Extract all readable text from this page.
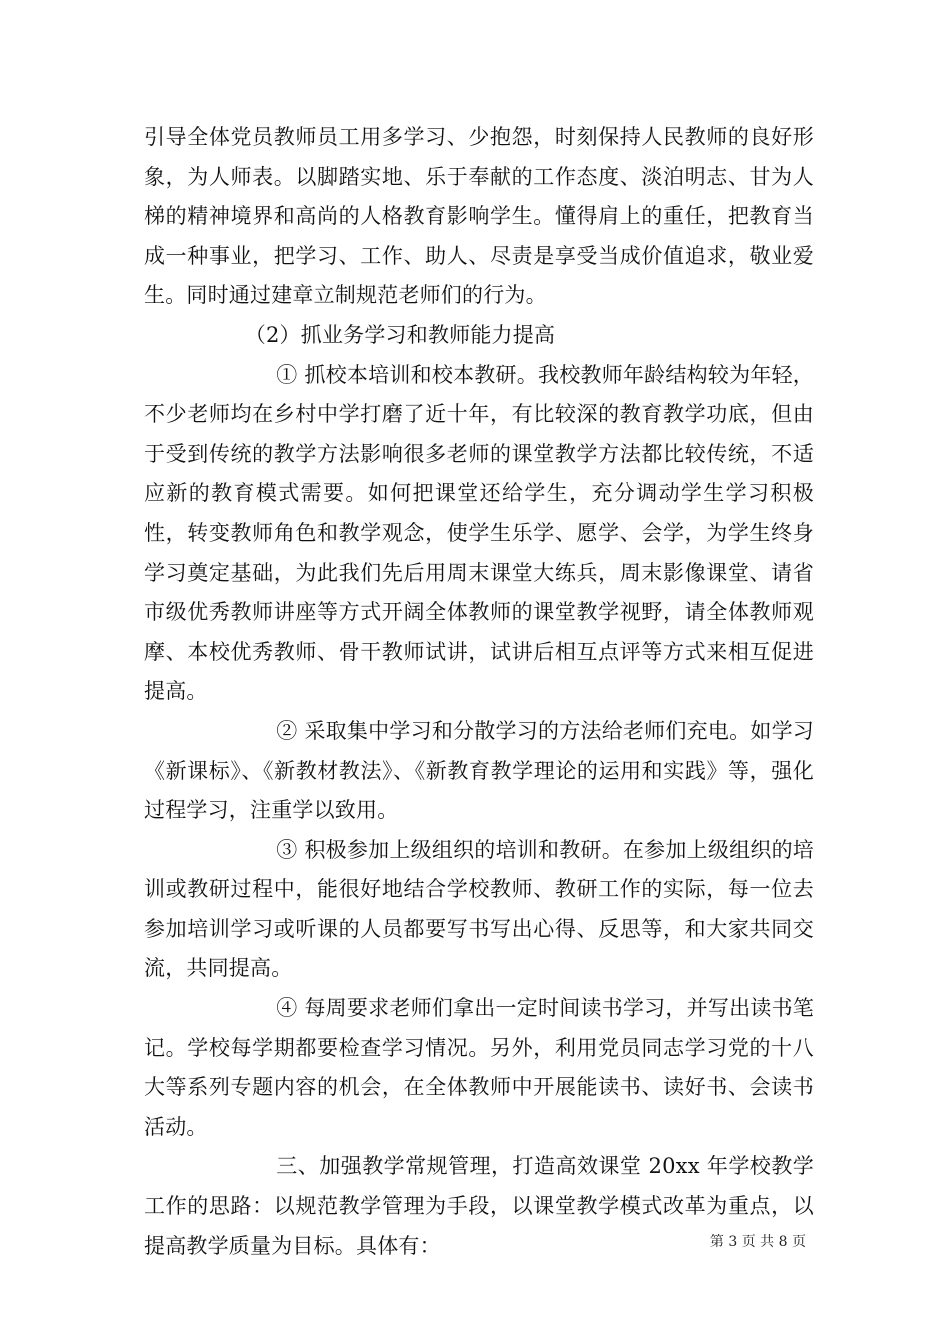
引导全体党员教师员工用多学习、少抱怨，时刻保持人民教师的良好形象，为人师表。以脚踏实地、乐于奉献的工作态度、淡泊明志、甘为人梯的精神境界和高尚的人格教育影响学生。懂得肩上的重任，把教育当成一种事业，把学习、工作、助人、尽责是享受当成价值追求，敬业爱生。同时通过建章立制规范老师们的行为。

（2）抓业务学习和教师能力提高

① 抓校本培训和校本教研。我校教师年龄结构较为年轻，不少老师均在乡村中学打磨了近十年，有比较深的教育教学功底，但由于受到传统的教学方法影响很多老师的课堂教学方法都比较传统，不适应新的教育模式需要。如何把课堂还给学生，充分调动学生学习积极性，转变教师角色和教学观念，使学生乐学、愿学、会学，为学生终身学习奠定基础，为此我们先后用周末课堂大练兵，周末影像课堂、请省市级优秀教师讲座等方式开阔全体教师的课堂教学视野，请全体教师观摩、本校优秀教师、骨干教师试讲，试讲后相互点评等方式来相互促进提高。

② 采取集中学习和分散学习的方法给老师们充电。如学习《新课标》、《新教材教法》、《新教育教学理论的运用和实践》等，强化过程学习，注重学以致用。

③ 积极参加上级组织的培训和教研。在参加上级组织的培训或教研过程中，能很好地结合学校教师、教研工作的实际，每一位去参加培训学习或听课的人员都要写书写出心得、反思等，和大家共同交流，共同提高。

④ 每周要求老师们拿出一定时间读书学习，并写出读书笔记。学校每学期都要检查学习情况。另外，利用党员同志学习党的十八大等系列专题内容的机会，在全体教师中开展能读书、读好书、会读书活动。

三、加强教学常规管理，打造高效课堂 20xx 年学校教学工作的思路：以规范教学管理为手段，以课堂教学模式改革为重点，以提高教学质量为目标。具体有：	第 3 页 共 8 页
